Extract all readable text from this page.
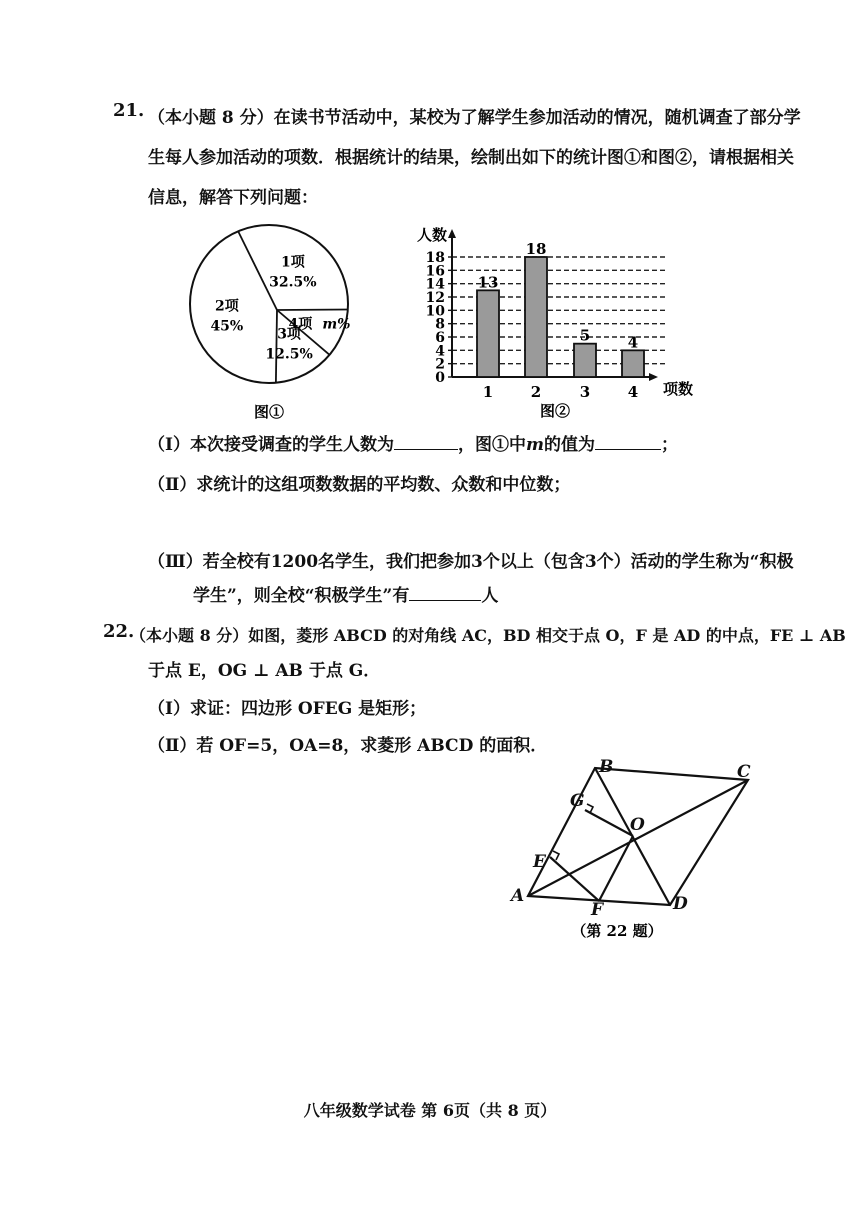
21. （本小题 8 分）在读书节活动中，某校为了解学生参加活动的情况，随机调查了部分学
生每人参加活动的项数．根据统计的结果，绘制出如下的统计图①和图②，请根据相关
信息，解答下列问题：
1项
32.5%
4项 m%
3项
12.5%
2项
45%
图①
0
2
4
6
8
10
12
14
16
18
13
18
5	4
1	2	3	4
人数
项数
图②
（Ⅰ）本次接受调查的学生人数为	，图①中m的值为	；
（Ⅱ）求统计的这组项数数据的平均数、众数和中位数；
（Ⅲ）若全校有1200名学生，我们把参加3个以上（包含3个）活动的学生称为“积极
学生”，则全校“积极学生”有	人
22.
（本小题 8 分）如图，菱形 ABCD 的对角线 AC，BD 相交于点 O，F 是 AD 的中点，FE ⊥ AB
于点 E，OG ⊥ AB 于点 G．
（Ⅰ）求证：四边形 OFEG 是矩形；
（Ⅱ）若 OF=5，OA=8，求菱形 ABCD 的面积．
A
B	C
D
O
E
F
G
（第 22 题）
八年级数学试卷 第 6页（共 8 页）
